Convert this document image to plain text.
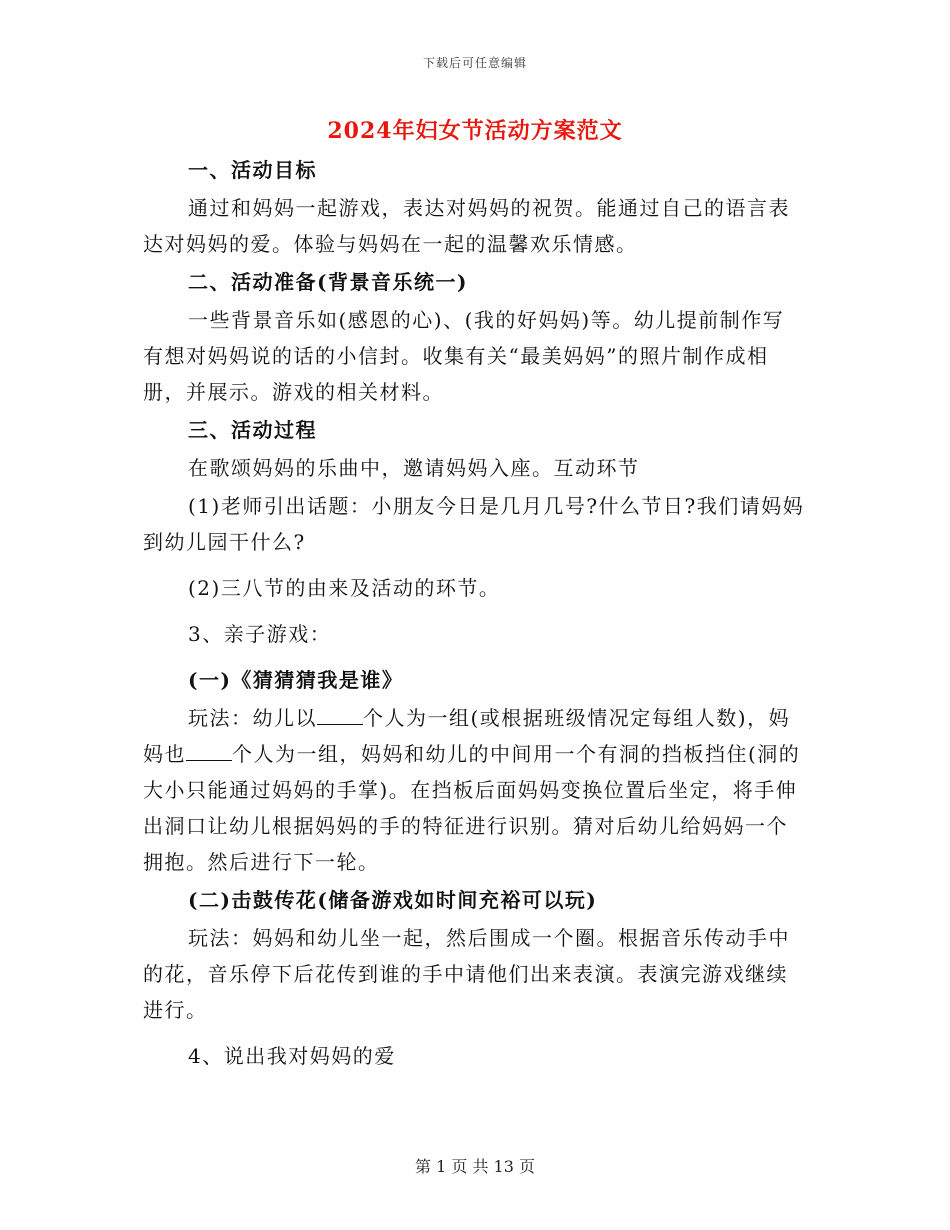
下载后可任意编辑
2024年妇女节活动方案范文
一、活动目标
通过和妈妈一起游戏，表达对妈妈的祝贺。能通过自己的语言表
达对妈妈的爱。体验与妈妈在一起的温馨欢乐情感。
二、活动准备(背景音乐统一)
一些背景音乐如(感恩的心)、(我的好妈妈)等。幼儿提前制作写
有想对妈妈说的话的小信封。收集有关“最美妈妈”的照片制作成相
册，并展示。游戏的相关材料。
三、活动过程
在歌颂妈妈的乐曲中，邀请妈妈入座。互动环节
(1)老师引出话题：小朋友今日是几月几号?什么节日?我们请妈妈
到幼儿园干什么?
(2)三八节的由来及活动的环节。
3、亲子游戏：
(一)《猜猜猜我是谁》
玩法：幼儿以 个人为一组(或根据班级情况定每组人数)，妈
妈也 个人为一组，妈妈和幼儿的中间用一个有洞的挡板挡住(洞的
大小只能通过妈妈的手掌)。在挡板后面妈妈变换位置后坐定，将手伸
出洞口让幼儿根据妈妈的手的特征进行识别。猜对后幼儿给妈妈一个
拥抱。然后进行下一轮。
(二)击鼓传花(储备游戏如时间充裕可以玩)
玩法：妈妈和幼儿坐一起，然后围成一个圈。根据音乐传动手中
的花，音乐停下后花传到谁的手中请他们出来表演。表演完游戏继续
进行。
4、说出我对妈妈的爱
第 1 页 共 13 页
